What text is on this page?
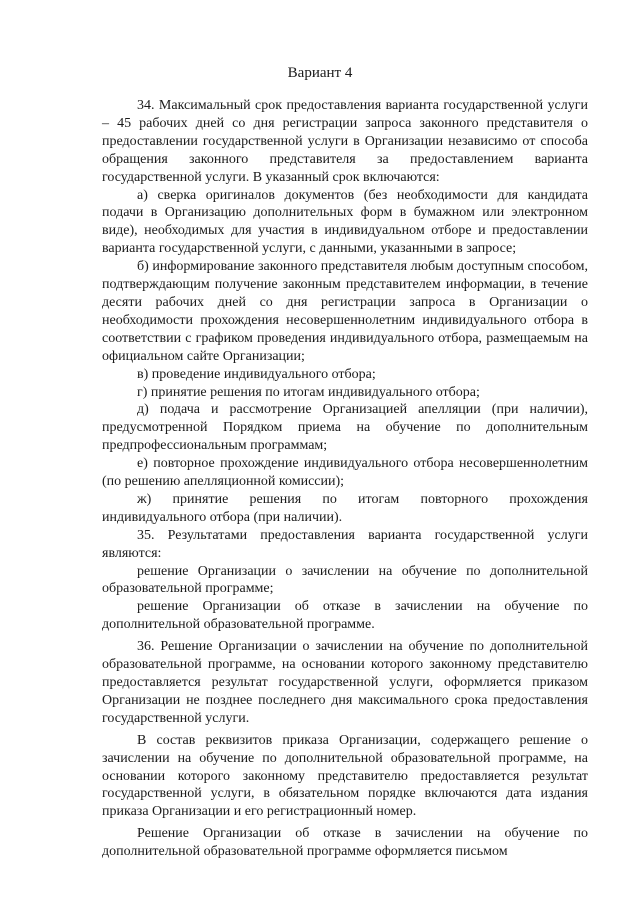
Вариант 4

34. Максимальный срок предоставления варианта государственной услуги – 45 рабочих дней со дня регистрации запроса законного представителя о предоставлении государственной услуги в Организации независимо от способа обращения законного представителя за предоставлением варианта государственной услуги. В указанный срок включаются:

а) сверка оригиналов документов (без необходимости для кандидата подачи в Организацию дополнительных форм в бумажном или электронном виде), необходимых для участия в индивидуальном отборе и предоставлении варианта государственной услуги, с данными, указанными в запросе;

б) информирование законного представителя любым доступным способом, подтверждающим получение законным представителем информации, в течение десяти рабочих дней со дня регистрации запроса в Организации о необходимости прохождения несовершеннолетним индивидуального отбора в соответствии с графиком проведения индивидуального отбора, размещаемым на официальном сайте Организации;

в) проведение индивидуального отбора;

г) принятие решения по итогам индивидуального отбора;

д) подача и рассмотрение Организацией апелляции (при наличии), предусмотренной Порядком приема на обучение по дополнительным предпрофессиональным программам;

е) повторное прохождение индивидуального отбора несовершеннолетним (по решению апелляционной комиссии);

ж) принятие решения по итогам повторного прохождения индивидуального отбора (при наличии).

35. Результатами предоставления варианта государственной услуги являются:

решение Организации о зачислении на обучение по дополнительной образовательной программе;

решение Организации об отказе в зачислении на обучение по дополнительной образовательной программе.

36. Решение Организации о зачислении на обучение по дополнительной образовательной программе, на основании которого законному представителю предоставляется результат государственной услуги, оформляется приказом Организации не позднее последнего дня максимального срока предоставления государственной услуги.

В состав реквизитов приказа Организации, содержащего решение о зачислении на обучение по дополнительной образовательной программе, на основании которого законному представителю предоставляется результат государственной услуги, в обязательном порядке включаются дата издания приказа Организации и его регистрационный номер.

Решение Организации об отказе в зачислении на обучение по дополнительной образовательной программе оформляется письмом
